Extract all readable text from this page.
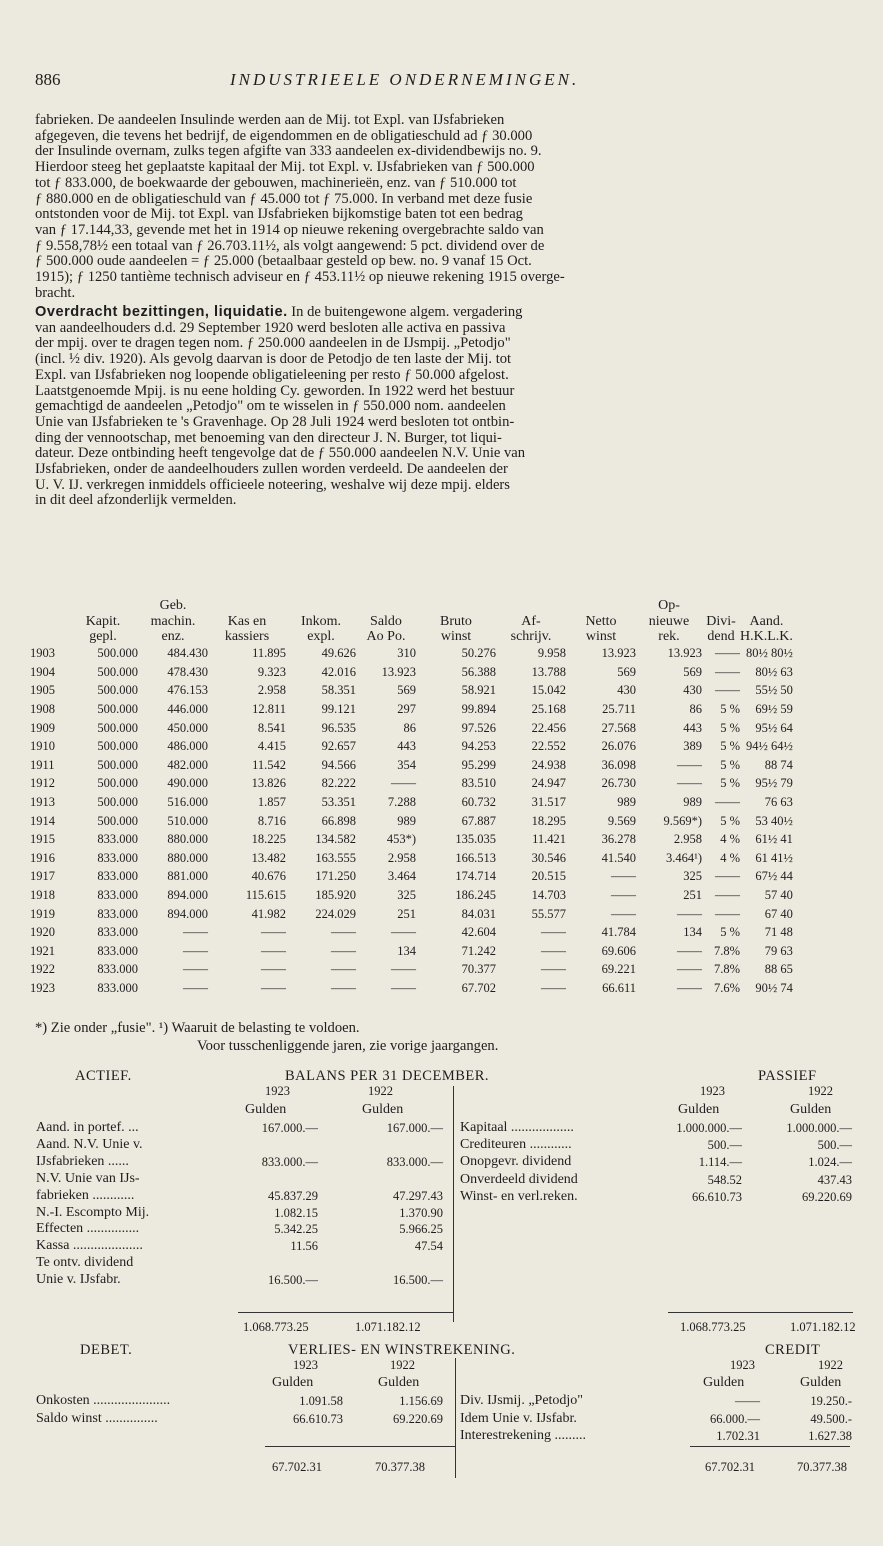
886	INDUSTRIEELE ONDERNEMINGEN.
fabrieken. De aandeelen Insulinde werden aan de Mij. tot Expl. van IJsfabrieken
afgegeven, die tevens het bedrijf, de eigendommen en de obligatieschuld ad ƒ 30.000
der Insulinde overnam, zulks tegen afgifte van 333 aandeelen ex-dividendbewijs no. 9.
Hierdoor steeg het geplaatste kapitaal der Mij. tot Expl. v. IJsfabrieken van ƒ 500.000
tot ƒ 833.000, de boekwaarde der gebouwen, machinerieën, enz. van ƒ 510.000 tot
ƒ 880.000 en de obligatieschuld van ƒ 45.000 tot ƒ 75.000. In verband met deze fusie
ontstonden voor de Mij. tot Expl. van IJsfabrieken bijkomstige baten tot een bedrag
van ƒ 17.144,33, gevende met het in 1914 op nieuwe rekening overgebrachte saldo van
ƒ 9.558,78½ een totaal van ƒ 26.703.11½, als volgt aangewend: 5 pct. dividend over de
ƒ 500.000 oude aandeelen = ƒ 25.000 (betaalbaar gesteld op bew. no. 9 vanaf 15 Oct.
1915); ƒ 1250 tantième technisch adviseur en ƒ 453.11½ op nieuwe rekening 1915 overge-
bracht.
Overdracht bezittingen, liquidatie. In de buitengewone algem. vergadering
van aandeelhouders d.d. 29 September 1920 werd besloten alle activa en passiva
der mpij. over te dragen tegen nom. ƒ 250.000 aandeelen in de IJsmpij. „Petodjo"
(incl. ½ div. 1920). Als gevolg daarvan is door de Petodjo de ten laste der Mij. tot
Expl. van IJsfabrieken nog loopende obligatieleening per resto ƒ 50.000 afgelost.
Laatstgenoemde Mpij. is nu eene holding Cy. geworden. In 1922 werd het bestuur
gemachtigd de aandeelen „Petodjo" om te wisselen in ƒ 550.000 nom. aandeelen
Unie van IJsfabrieken te 's Gravenhage. Op 28 Juli 1924 werd besloten tot ontbin-
ding der vennootschap, met benoeming van den directeur J. N. Burger, tot liqui-
dateur. Deze ontbinding heeft tengevolge dat de ƒ 550.000 aandeelen N.V. Unie van
IJsfabrieken, onder de aandeelhouders zullen worden verdeeld. De aandeelen der
U. V. IJ. verkregen inmiddels officieele noteering, weshalve wij deze mpij. elders
in dit deel afzonderlijk vermelden.
		Geb.							Op-		
	Kapit.	machin.	Kas en	Inkom.	Saldo	Bruto	Af-	Netto	nieuwe	Divi-	Aand.
	gepl.	enz.	kassiers	expl.	Ao Po.	winst	schrijv.	winst	rek.	dend	H.K.L.K.
1903	500.000	484.430	11.895	49.626	310	50.276	9.958	13.923	13.923	——	80½ 80½
1904	500.000	478.430	9.323	42.016	13.923	56.388	13.788	569	569	——	80½ 63
1905	500.000	476.153	2.958	58.351	569	58.921	15.042	430	430	——	55½ 50
1908	500.000	446.000	12.811	99.121	297	99.894	25.168	25.711	86	5 %	69½ 59
1909	500.000	450.000	8.541	96.535	86	97.526	22.456	27.568	443	5 %	95½ 64
1910	500.000	486.000	4.415	92.657	443	94.253	22.552	26.076	389	5 %	94½ 64½
1911	500.000	482.000	11.542	94.566	354	95.299	24.938	36.098	——	5 %	88 74
1912	500.000	490.000	13.826	82.222	——	83.510	24.947	26.730	——	5 %	95½ 79
1913	500.000	516.000	1.857	53.351	7.288	60.732	31.517	989	989	——	76 63
1914	500.000	510.000	8.716	66.898	989	67.887	18.295	9.569	9.569*)	5 %	53 40½
1915	833.000	880.000	18.225	134.582	453*)	135.035	11.421	36.278	2.958	4 %	61½ 41
1916	833.000	880.000	13.482	163.555	2.958	166.513	30.546	41.540	3.464¹)	4 %	61 41½
1917	833.000	881.000	40.676	171.250	3.464	174.714	20.515	——	325	——	67½ 44
1918	833.000	894.000	115.615	185.920	325	186.245	14.703	——	251	——	57 40
1919	833.000	894.000	41.982	224.029	251	84.031	55.577	——	——	——	67 40
1920	833.000	——	——	——	——	42.604	——	41.784	134	5 %	71 48
1921	833.000	——	——	——	134	71.242	——	69.606	——	7.8%	79 63
1922	833.000	——	——	——	——	70.377	——	69.221	——	7.8%	88 65
1923	833.000	——	——	——	——	67.702	——	66.611	——	7.6%	90½ 74
*) Zie onder „fusie". ¹) Waaruit de belasting te voldoen.
Voor tusschenliggende jaren, zie vorige jaargangen.
ACTIEF.	BALANS PER 31 DECEMBER.	PASSIEF
1923	1922
Gulden	Gulden
1923	1922
Gulden	Gulden
Aand. in portef. ...	167.000.—	167.000.—
Aand. N.V. Unie v.
IJsfabrieken ......	833.000.—	833.000.—
N.V. Unie van IJs-
fabrieken ............	45.837.29	47.297.43
N.-I. Escompto Mij.	1.082.15	1.370.90
Effecten ...............	5.342.25	5.966.25
Kassa ....................	11.56	47.54
Te ontv. dividend
Unie v. IJsfabr.	16.500.—	16.500.—
Kapitaal ..................	1.000.000.—	1.000.000.—
Crediteuren ............	500.—	500.—
Onopgevr. dividend	1.114.—	1.024.—
Onverdeeld dividend	548.52	437.43
Winst- en verl.reken.	66.610.73	69.220.69
1.068.773.25	1.071.182.12	1.068.773.25	1.071.182.12
DEBET.	VERLIES- EN WINSTREKENING.	CREDIT
1923	1922
Gulden	Gulden
1923	1922
Gulden	Gulden
Onkosten ......................	1.091.58	1.156.69
Saldo winst ...............	66.610.73	69.220.69
Div. IJsmij. „Petodjo"	——	19.250.-
Idem Unie v. IJsfabr.	66.000.—	49.500.-
Interestrekening .........	1.702.31	1.627.38
67.702.31	70.377.38	67.702.31	70.377.38
